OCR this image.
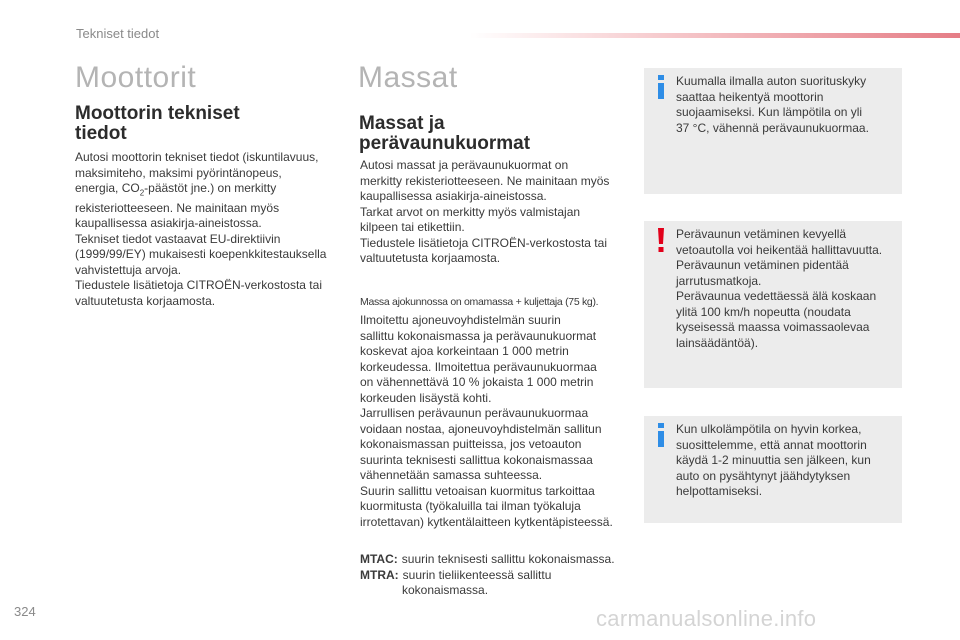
Tekniset tiedot
Moottorit
Moottorin tekniset
tiedot

Autosi moottorin tekniset tiedot (iskuntilavuus,

maksimiteho, maksimi pyörintänopeus,

energia, $CO_2$-päästöt jne.) on merkitty

rekisteriotteeseen. Ne mainitaan myös

kaupallisessa asiakirja-aineistossa.

Tekniset tiedot vastaavat EU-direktiivin

(1999/99/EY) mukaisesti koepenkkitestauksella

vahvistettuja arvoja.

Tiedustele lisätietoja CITROËN-verkostosta tai

valtuutetusta korjaamosta.

Massat
Massat ja
perävaunukuormat

Autosi massat ja perävaunukuormat on

merkitty rekisteriotteeseen. Ne mainitaan myös

kaupallisessa asiakirja-aineistossa.

Tarkat arvot on merkitty myös valmistajan

kilpeen tai etikettiin.

Tiedustele lisätietoja CITROËN-verkostosta tai

valtuutetusta korjaamosta.

Massa ajokunnossa on omamassa + kuljettaja (75 kg).

Ilmoitettu ajoneuvoyhdistelmän suurin

sallittu kokonaismassa ja perävaunukuormat

koskevat ajoa korkeintaan 1 000 metrin

korkeudessa. Ilmoitettua perävaunukuormaa

on vähennettävä 10 % jokaista 1 000 metrin

korkeuden lisäystä kohti.

Jarrullisen perävaunun perävaunukuormaa

voidaan nostaa, ajoneuvoyhdistelmän sallitun

kokonaismassan puitteissa, jos vetoauton

suurinta teknisesti sallittua kokonaismassaa

vähennetään samassa suhteessa.

Suurin sallittu vetoaisan kuormitus tarkoittaa

kuormitusta (työkaluilla tai ilman työkaluja

irrotettavan) kytkentälaitteen kytkentäpisteessä.

MTAC: suurin teknisesti sallittu kokonaismassa.
MTRA: suurin tieliikenteessä sallittu
kokonaismassa.

Kuumalla ilmalla auton suorituskyky

saattaa heikentyä moottorin

suojaamiseksi. Kun lämpötila on yli

37 °C, vähennä perävaunukuormaa.

Perävaunun vetäminen kevyellä

vetoautolla voi heikentää hallittavuutta.

Perävaunun vetäminen pidentää

jarrutusmatkoja.

Perävaunua vedettäessä älä koskaan

ylitä 100 km/h nopeutta (noudata

kyseisessä maassa voimassaolevaa

lainsäädäntöä).

Kun ulkolämpötila on hyvin korkea,

suosittelemme, että annat moottorin

käydä 1-2 minuuttia sen jälkeen, kun

auto on pysähtynyt jäähdytyksen

helpottamiseksi.

324	carmanualsonline.info
